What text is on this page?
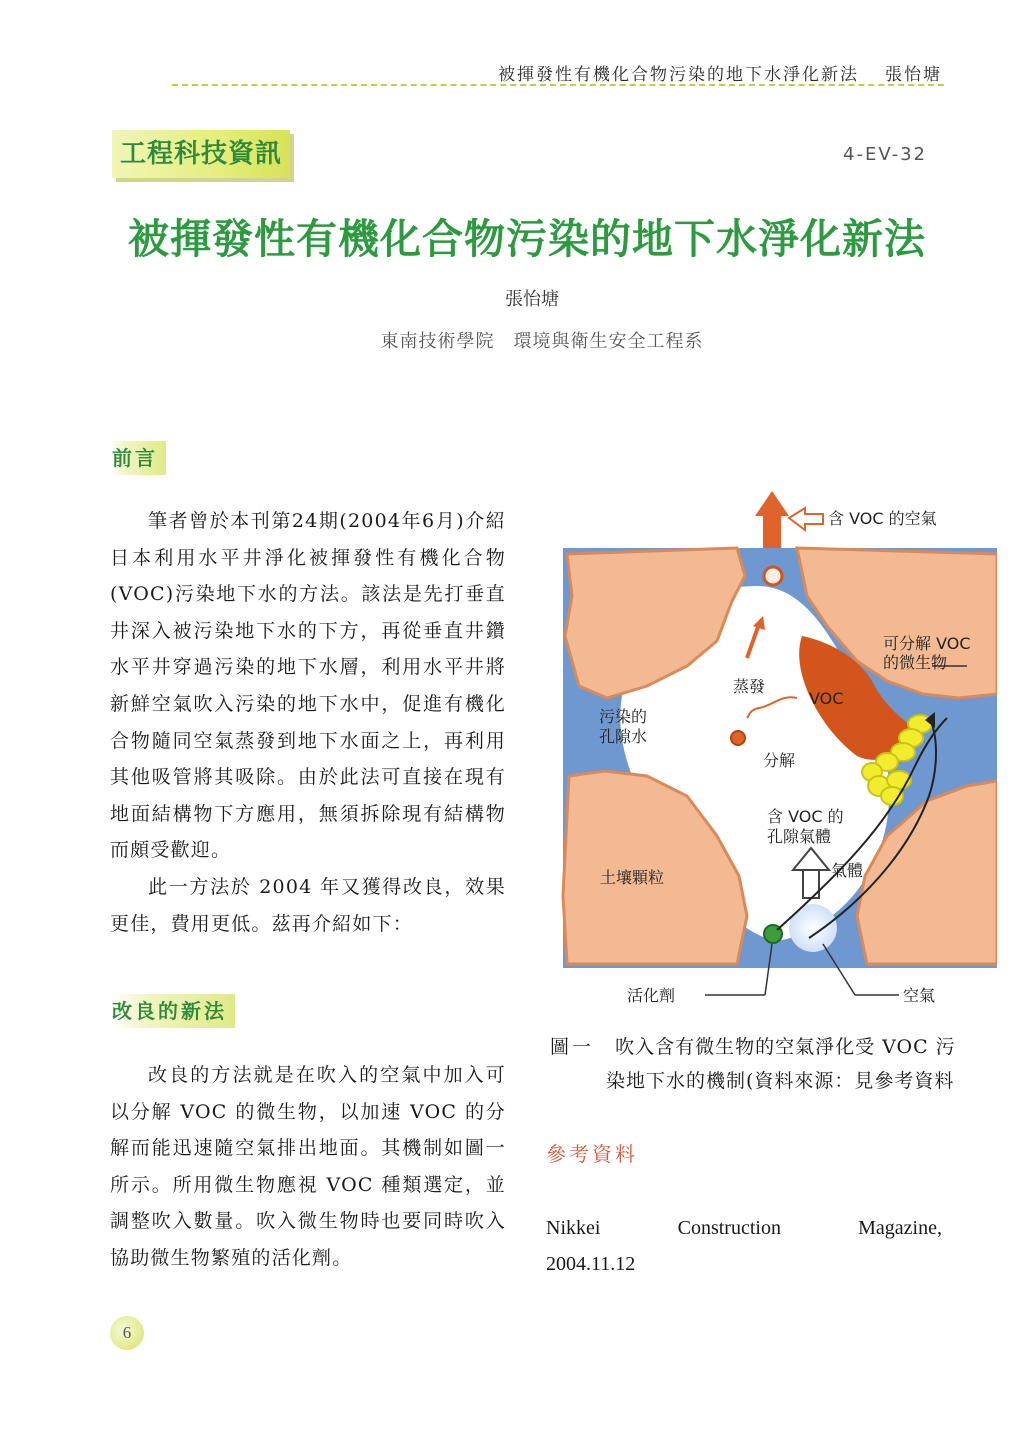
被揮發性有機化合物污染的地下水淨化新法 張怡塘
工程科技資訊	4-EV-32
被揮發性有機化合物污染的地下水淨化新法
張怡塘
東南技術學院　環境與衛生安全工程系
前言

筆者曾於本刊第24期(2004年6月)介紹日本利用水平井淨化被揮發性有機化合物(VOC)污染地下水的方法。該法是先打垂直井深入被污染地下水的下方，再從垂直井鑽水平井穿過污染的地下水層，利用水平井將新鮮空氣吹入污染的地下水中，促進有機化合物隨同空氣蒸發到地下水面之上，再利用其他吸管將其吸除。由於此法可直接在現有地面結構物下方應用，無須拆除現有結構物而頗受歡迎。

此一方法於 2004 年又獲得改良，效果更佳，費用更低。茲再介紹如下：

改良的新法

改良的方法就是在吹入的空氣中加入可以分解 VOC 的微生物，以加速 VOC 的分解而能迅速隨空氣排出地面。其機制如圖一所示。所用微生物應視 VOC 種類選定，並調整吹入數量。吹入微生物時也要同時吹入協助微生物繁殖的活化劑。

含 VOC 的空氣
可分解 VOC
的微生物
蒸發
VOC
污染的
孔隙水
分解
含 VOC 的
孔隙氣體
土壤顆粒	氣體
活化劑	空氣
圖一 吹入含有微生物的空氣淨化受 VOC 污
染地下水的機制(資料來源：見參考資料
參考資料
Nikkei	Construction	Magazine,
2004.11.12
6
